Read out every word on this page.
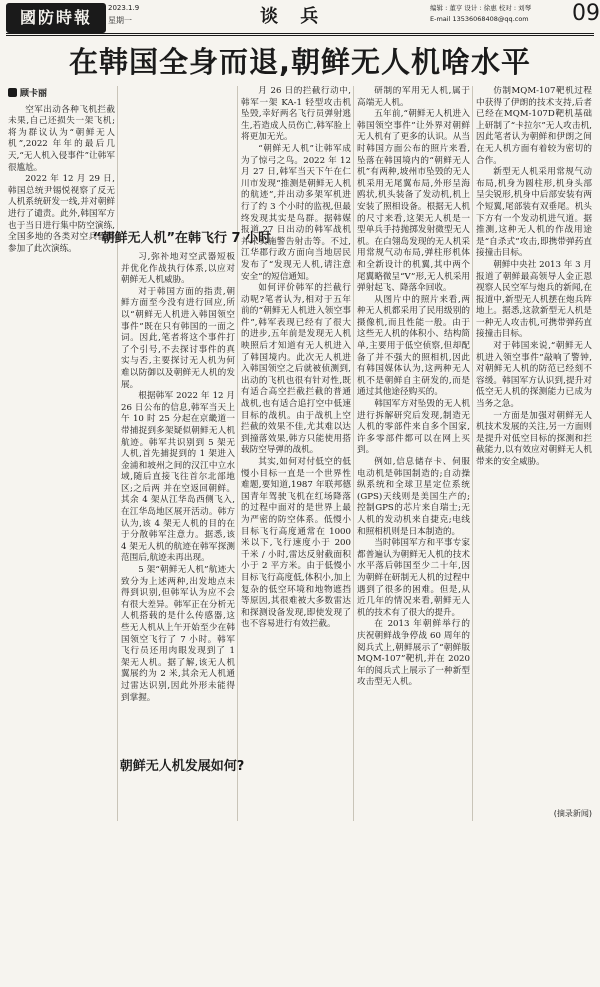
國防時報	2023.1.9
星期一	谈 兵	编辑 : 董亨 设计 : 徐惠 校对 : 刘琴
E-mail 13536068408@qq.com 09
在韩国全身而退,朝鲜无人机啥水平
顾卡丽

空军出动各种飞机拦截未果,自己还损失一架飞机;将为群议认为“朝鲜无人机”,2022 年年的最后几天,“无人机入侵事件”让韩军很尴尬。

2022 年 12 月 29 日,韩国总统尹锡悦视察了反无人机系统研发一线,并对朝鲜进行了谴责。此外,韩国军方也于当日进行集中防空演练,全国多地的各类对空兵器都参加了此次演练。

习,弥补地对空武器短板并优化作战执行体系,以应对朝鲜无人机威胁。

对于韩国方面的指责,朝鲜方面至今没有进行回应,所以“朝鲜无人机进入韩国领空事件”既在只有韩国的一面之词。因此,笔者将这个事件打了个引号,不去探讨事件的真实与否,主要探讨无人机为何难以防御以及朝鲜无人机的发展。

根据韩军 2022 年 12 月 26 日公布的信息,韩军当天上午 10 时 25 分起在京畿道一带捕捉到多架疑似朝鲜无人机航迹。韩军共识别到 5 架无人机,首先捕捉到的 1 架进入金浦和坡州之间的汉江中立水域,随后直接飞往首尔北部地区;之后两 并在空返回朝鲜。其余 4 架从江华岛西侧飞入,在江华岛地区展开活动。韩方认为,该 4 架无人机的目的在于分散韩军注意力。据悉,该 4 架无人机的航迹在韩军探测范围后,航迹未再出现。

5 架“朝鲜无人机”航迹大致分为上述两种,出发地点未得到识别,但韩军认为应不会有很大差异。韩军正在分析无人机搭载的是什么传感器,这些无人机从上午开始至少在韩国领空飞行了 7 小时。韩军飞行员还用肉眼发现到了 1 架无人机。据了解,该无人机翼展约为 2 米,其余无人机通过雷达识别,因此外形未能得到掌握。

月 26 日的拦截行动中,韩军一架 KA-1 轻型攻击机坠毁,幸好两名飞行员弹射逃生,若造成人员伤亡,韩军脸上将更加无光。

“朝鲜无人机”让韩军成为了惊弓之鸟。2022 年 12 月 27 日,韩军当天下午在仁川市发现“推测是朝鲜无人机的航迹”,并出动多架军机进行了约 3 个小时的监视,但最终发现其实是鸟群。据韩媒报道,27 日出动的韩军战机并未实施警告射击等。不过,江华郡行政方面向当地居民发布了“发现无人机,请注意安全”的短信通知。

如何评价韩军的拦截行动呢?笔者认为,相对于五年前的“朝鲜无人机进入领空事件”,韩军表现已经有了很大的进步,五年前是发现无人机映照后才知道有无人机进入了韩国境内。此次无人机进入韩国领空之后就被侦测到,出动的飞机也很有针对性,既有适合高空拦截拦截的普通战机,也有适合追打空中低速目标的战机。由于战机上空拦截的效果不佳,尤其难以达到撞落效果,韩方只能使用搭载防空导弹的战机。

其实,如何对付低空的低慢小目标一直是一个世界性难题,要知道,1987 年联邦德国青年驾驶飞机在红场降落的过程中面对的是世界上最为严密的防空体系。低慢小目标飞行高度通常在 1000 米以下,飞行速度小于 200 千米 / 小时,雷达反射截面积小于 2 平方米。由于低慢小目标飞行高度低,体积小,加上复杂的低空环境和地物遮挡等原因,其很难被大多数雷达和探测设备发现,即使发现了也不容易进行有效拦截。

研制的军用无人机,属于高端无人机。

五年前,“朝鲜无人机进入韩国领空事件”让外界对朝鲜无人机有了更多的认识。从当时韩国方面公布的照片来看,坠落在韩国境内的“朝鲜无人机”有两种,坡州市坠毁的无人机采用无尾翼布局,外形呈海鸥状,机头装备了发动机,机上安装了照相设备。根据无人机的尺寸来看,这架无人机是一型单兵手持抛掷发射微型无人机。在白翎岛发现的无人机采用常规气动布局,弹柱形机体和全新设计的机翼,其中两个尾翼略微呈“V”形,无人机采用弹射起飞、降落伞回收。

从图片中的照片来看,两种无人机都采用了民用级别的摄像机,而且性能一般。由于这些无人机的体积小、结构简单,主要用于低空侦察,但却配备了并不强大的照相机,因此有韩国媒体认为,这两种无人机不是朝鲜自主研发的,而是通过其他途径购买的。

韩国军方对坠毁的无人机进行拆解研究后发现,制造无人机的零部件来自多个国家,许多零部件都可以在网上买到。

例如,信息储存卡、伺服电动机是韩国制造的;自动操纵系统和全球卫星定位系统(GPS)天线则是美国生产的;控制GPS的芯片来自瑞士;无人机的发动机来自捷克;电线和照相机则是日本制造的。

当时韩国军方和平事专家都普遍认为朝鲜无人机的技术水平落后韩国至少二十年,因为朝鲜在研制无人机的过程中遇到了很多的困难。但是,从近几年的情况来看,朝鲜无人机的技术有了很大的提升。

在 2013 年朝鲜举行的庆祝朝鲜战争停战 60 周年的阅兵式上,朝鲜展示了“朝鲜版MQM-107”靶机,并在 2020 年的阅兵式上展示了一种新型攻击型无人机。

仿制MQM-107靶机过程中获得了伊朗的技术支持,后者已经在MQM-107D靶机基础上研制了“卡拉尔”无人攻击机,因此笔者认为朝鲜和伊朗之间在无人机方面有着较为密切的合作。

新型无人机采用常规气动布局,机身为圆柱形,机身头部呈尖锐形,机身中后部安装有两个短翼,尾部装有双垂尾。机头下方有一个发动机进气道。据推测,这种无人机的作战用途是“自杀式”攻击,即携带弹药直接撞击目标。

朝鲜中央社 2013 年 3 月报道了朝鲜最高领导人金正恩视察人民空军与炮兵的新闻,在报道中,新型无人机摆在炮兵阵地上。据悉,这款新型无人机是一种无人攻击机,可携带弹药直接撞击目标。

对于韩国来说,“朝鲜无人机进入领空事件”敲响了警钟,对朝鲜无人机的防范已经刻不容缓。韩国军方认识到,提升对低空无人机的探测能力已成为当务之急。

一方面是加强对朝鲜无人机技术发展的关注,另一方面则是提升对低空目标的探测和拦截能力,以有效应对朝鲜无人机带来的安全威胁。

“朝鲜无人机”在韩飞行 7 小时
朝鲜无人机发展如何?
(摘录新闻)
